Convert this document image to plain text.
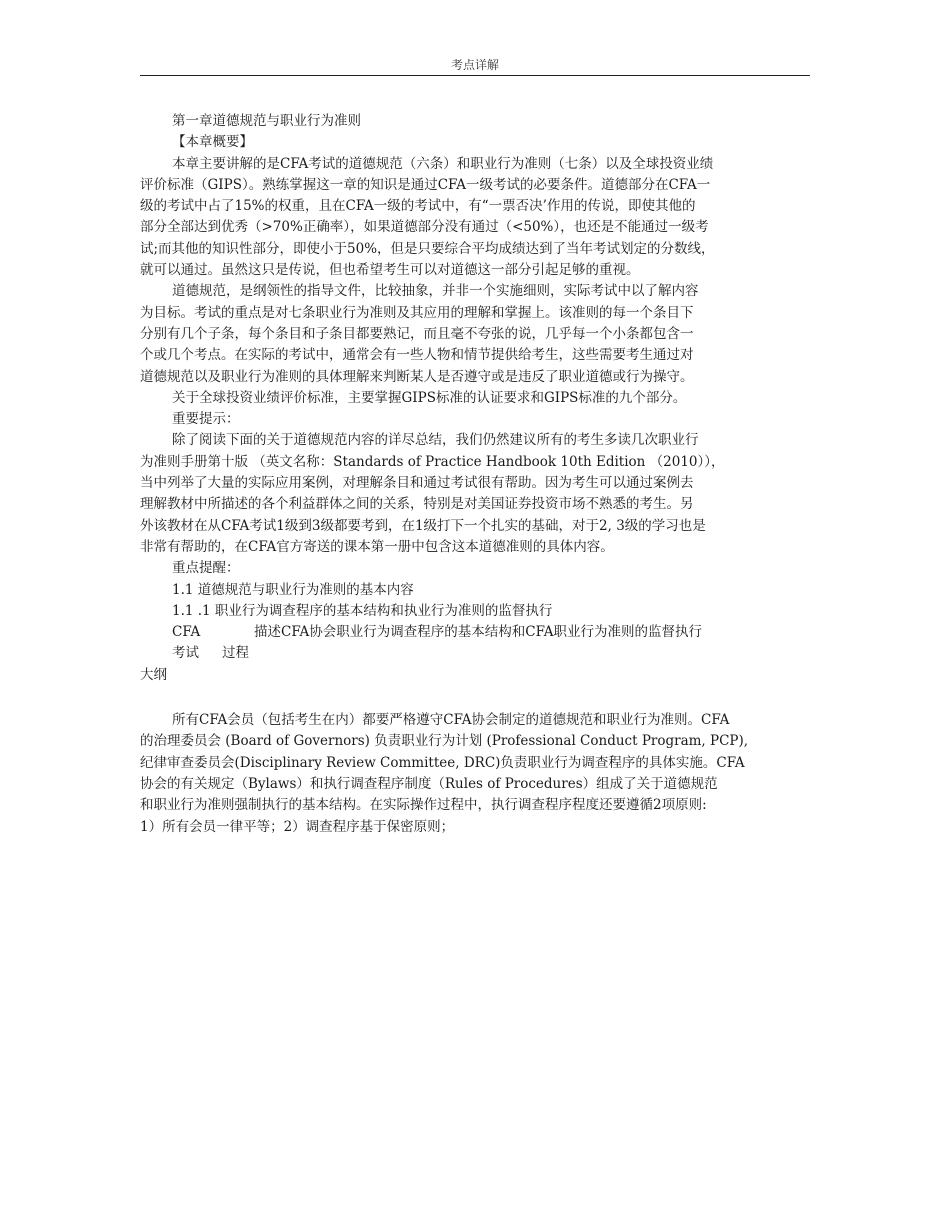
考点详解
第一章道德规范与职业行为准则
【本章概要】
本章主要讲解的是CFA考试的道德规范（六条）和职业行为准则（七条）以及全球投资业绩
评价标准（GIPS）。熟练掌握这一章的知识是通过CFA一级考试的必要条件。道德部分在CFA一
级的考试中占了15%的权重，且在CFA一级的考试中，有“一票否决’作用的传说，即使其他的
部分全部达到优秀（>70%正确率），如果道德部分没有通过（<50%），也还是不能通过一级考
试;而其他的知识性部分，即使小于50%，但是只要综合平均成绩达到了当年考试划定的分数线，
就可以通过。虽然这只是传说，但也希望考生可以对道德这一部分引起足够的重视。
道德规范，是纲领性的指导文件，比较抽象，并非一个实施细则，实际考试中以了解内容
为目标。考试的重点是对七条职业行为准则及其应用的理解和掌握上。该准则的每一个条目下
分别有几个子条，每个条目和子条目都要熟记，而且毫不夸张的说，几乎每一个小条都包含一
个或几个考点。在实际的考试中，通常会有一些人物和情节提供给考生，这些需要考生通过对
道德规范以及职业行为准则的具体理解来判断某人是否遵守或是违反了职业道德或行为操守。
关于全球投资业绩评价标准，主要掌握GIPS标准的认证要求和GIPS标准的九个部分。
重要提示：
除了阅读下面的关于道德规范内容的详尽总结，我们仍然建议所有的考生多读几次职业行
为准则手册第十版 （英文名称：Standards of Practice Handbook 10th Edition （2010）），
当中列举了大量的实际应用案例，对理解条目和通过考试很有帮助。因为考生可以通过案例去
理解教材中所描述的各个利益群体之间的关系，特别是对美国证券投资市场不熟悉的考生。另
外该教材在从CFA考试1级到3级都要考到，在1级打下一个扎实的基础，对于2, 3级的学习也是
非常有帮助的，在CFA官方寄送的课本第一册中包含这本道德准则的具体内容。
重点提醒：
1.1 道德规范与职业行为准则的基本内容
1.1 .1 职业行为调查程序的基本结构和执业行为准则的监督执行
CFA	描述CFA协会职业行为调查程序的基本结构和CFA职业行为准则的监督执行
考试	过程
大纲
所有CFA会员（包括考生在内）都要严格遵守CFA协会制定的道德规范和职业行为准则。CFA
的治理委员会 (Board of Governors) 负责职业行为计划 (Professional Conduct Program, PCP),
纪律审查委员会(Disciplinary Review Committee, DRC)负责职业行为调查程序的具体实施。CFA
协会的有关规定（Bylaws）和执行调查程序制度（Rules of Procedures）组成了关于道德规范
和职业行为准则强制执行的基本结构。在实际操作过程中，执行调查程序程度还要遵循2项原则:
1）所有会员一律平等；2）调查程序基于保密原则；
